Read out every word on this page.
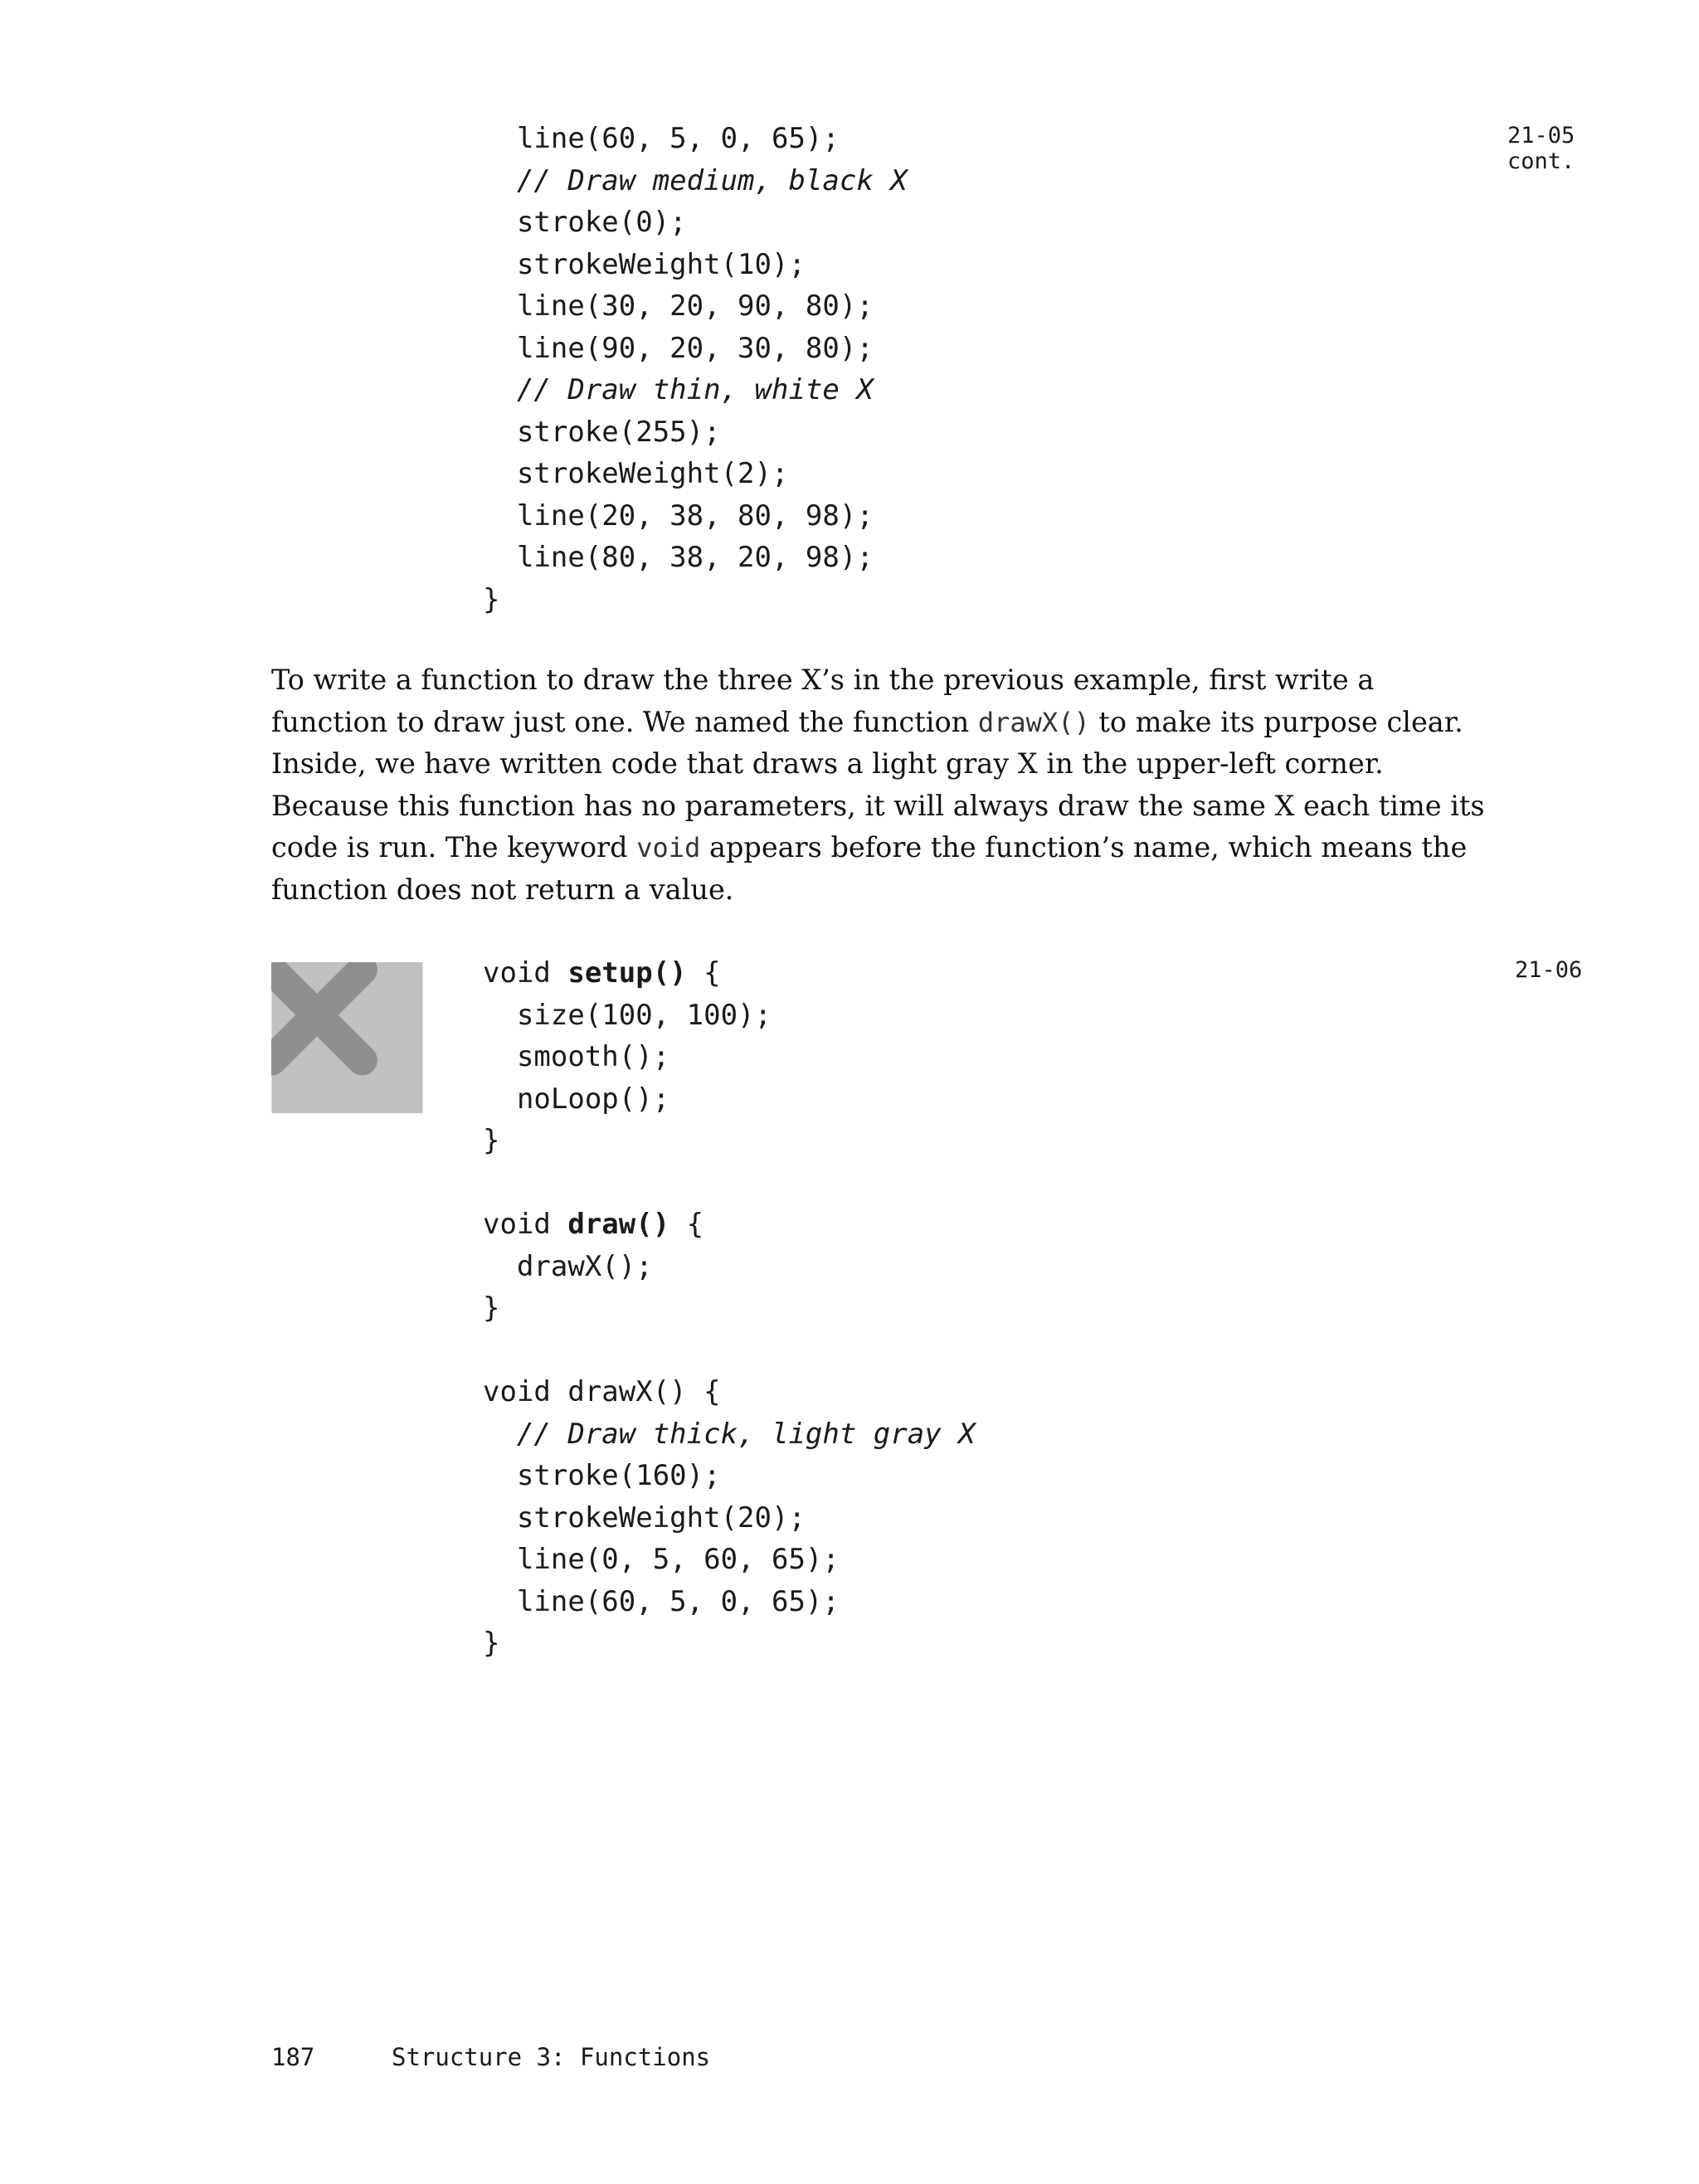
line(60, 5, 0, 65);
// Draw medium, black X
stroke(0);
strokeWeight(10);
line(30, 20, 90, 80);
line(90, 20, 30, 80);
// Draw thin, white X
stroke(255);
strokeWeight(2);
line(20, 38, 80, 98);
line(80, 38, 20, 98);
}
21-05
cont.

To write a function to draw the three X’s in the previous example, first write a function to draw just one. We named the function drawX() to make its purpose clear. Inside, we have written code that draws a light gray X in the upper-left corner. Because this function has no parameters, it will always draw the same X each time its code is run. The keyword void appears before the function’s name, which means the function does not return a value.

void setup() {
size(100, 100);
smooth();
noLoop();
}

void draw() {
drawX();
}

void drawX() {
// Draw thick, light gray X
stroke(160);
strokeWeight(20);
line(0, 5, 60, 65);
line(60, 5, 0, 65);
}
21-06
187	Structure 3: Functions
